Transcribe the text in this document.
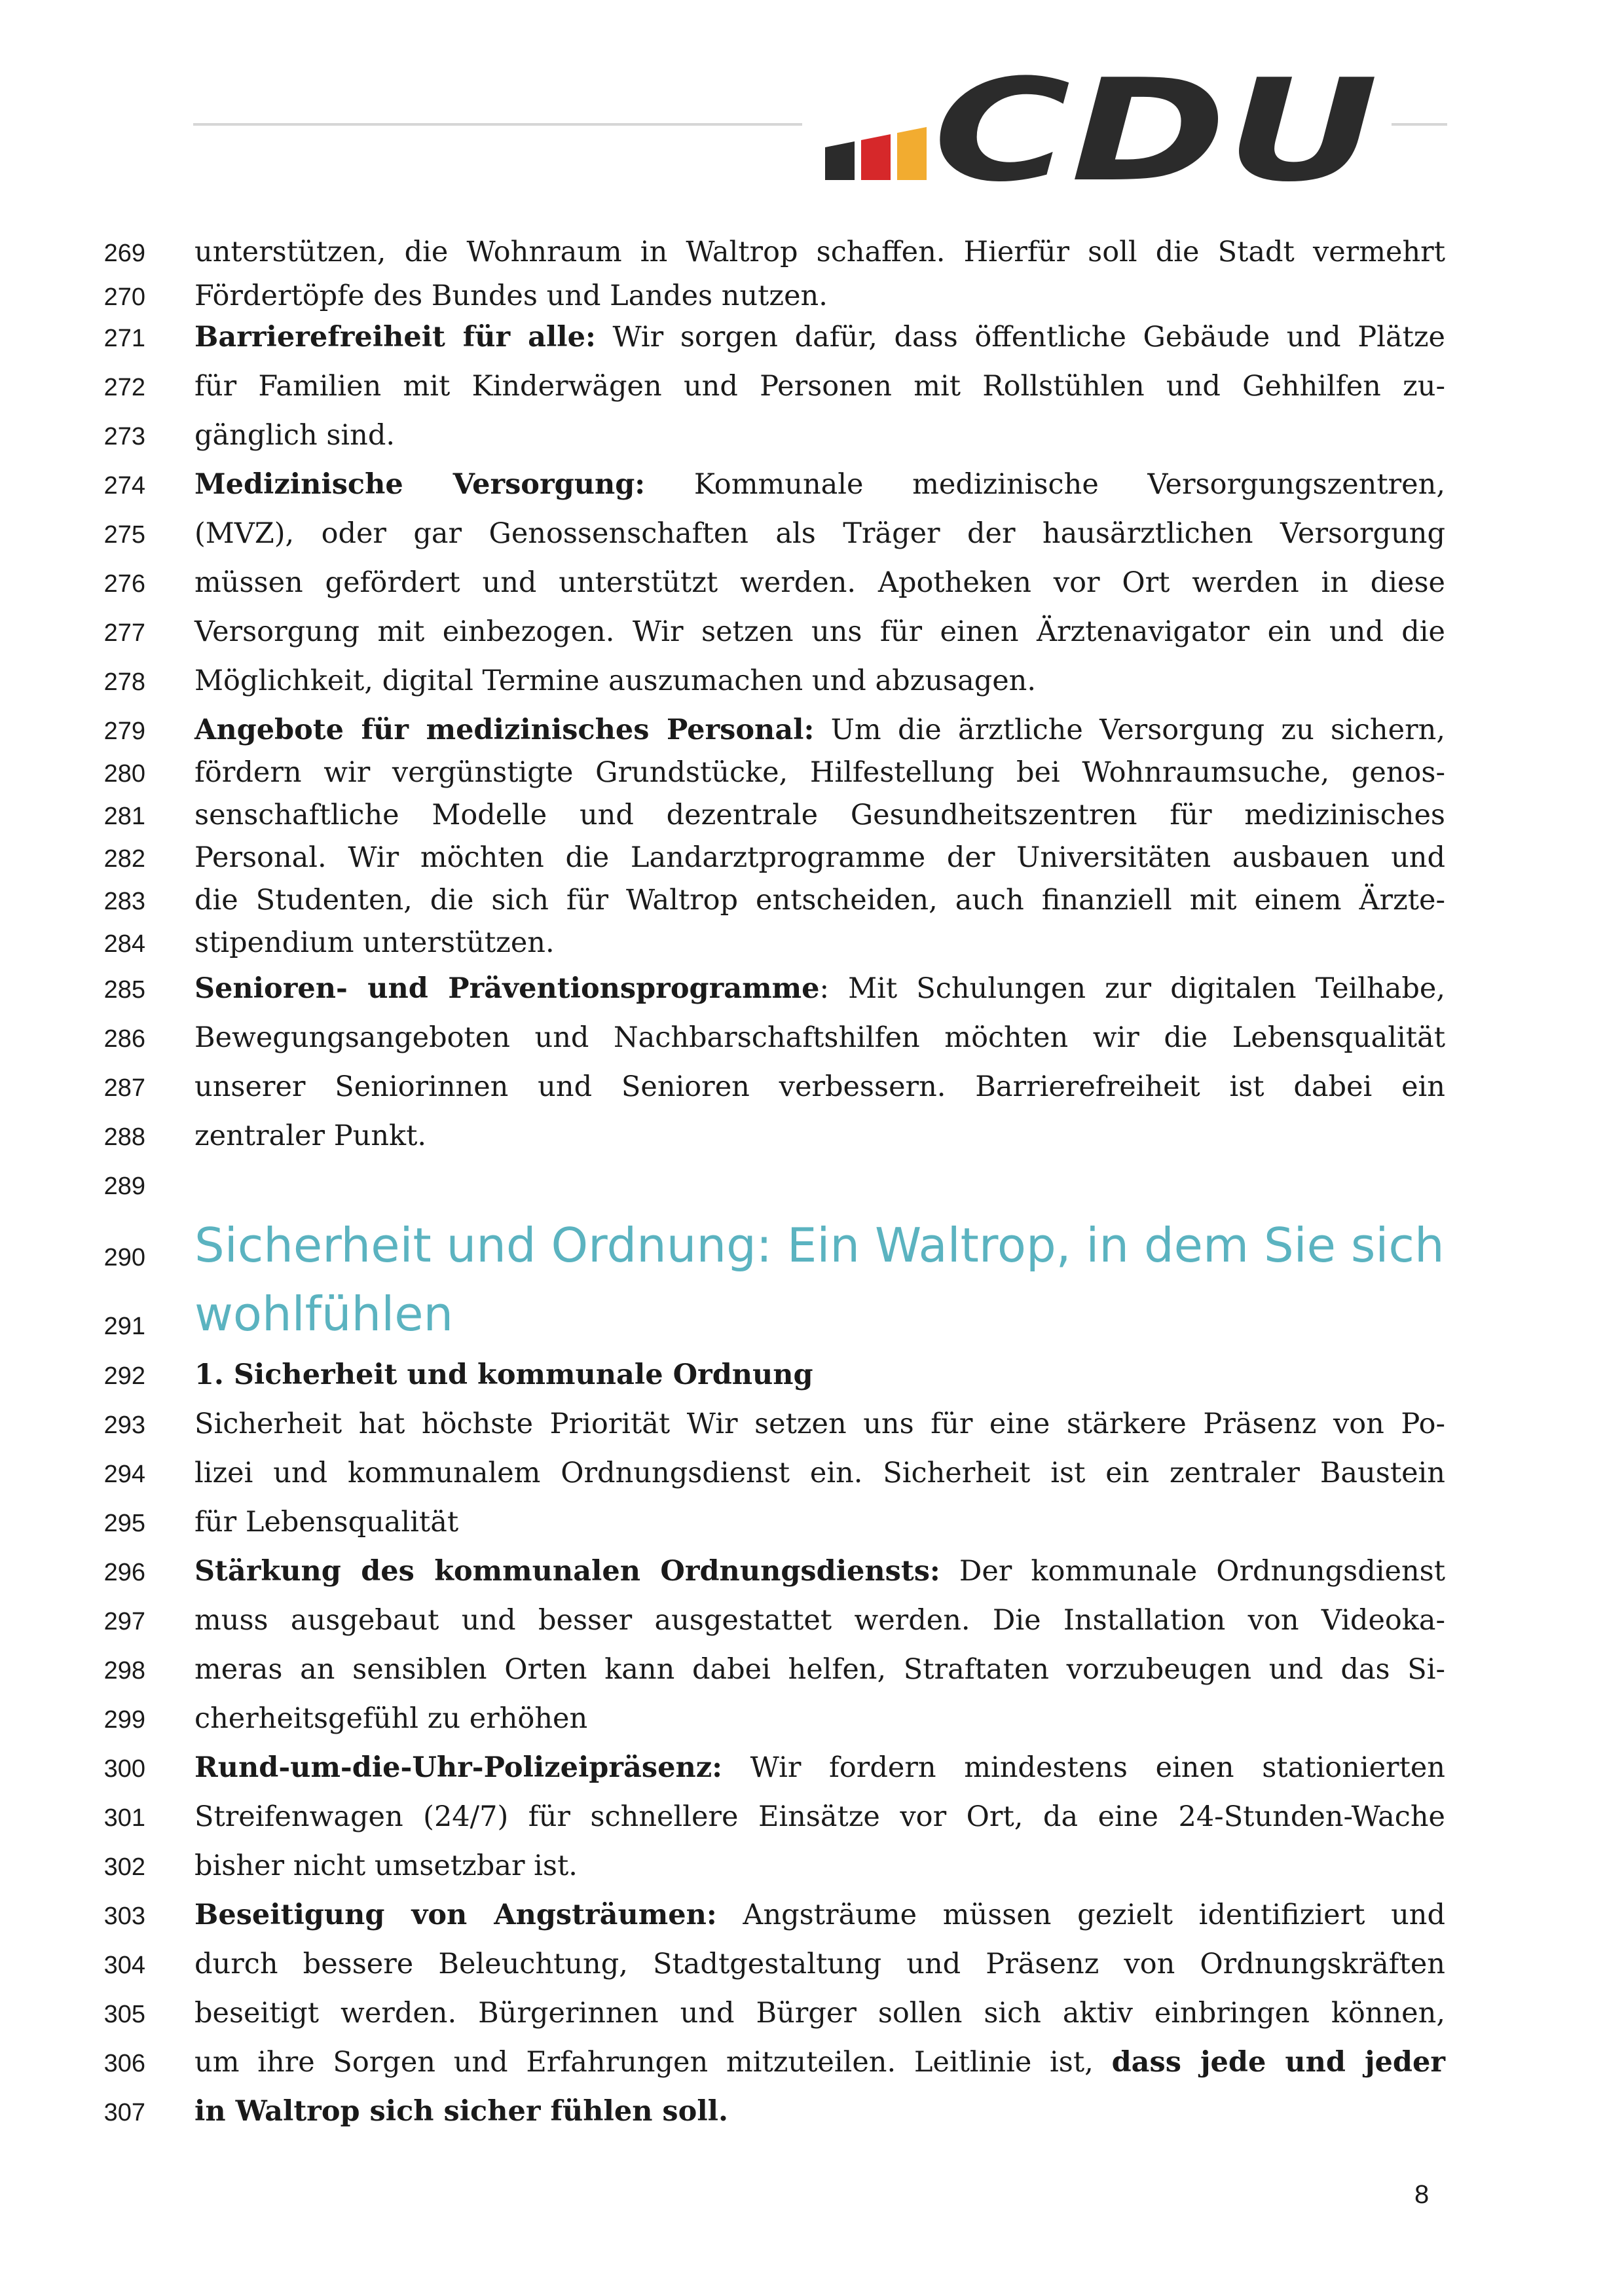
CDU
269 unterstützen, die Wohnraum in Waltrop schaffen. Hierfür soll die Stadt vermehrt
270 Fördertöpfe des Bundes und Landes nutzen.
271 Barrierefreiheit für alle: Wir sorgen dafür, dass öffentliche Gebäude und Plätze
272 für Familien mit Kinderwägen und Personen mit Rollstühlen und Gehhilfen zu-
273 gänglich sind.
274 Medizinische Versorgung: Kommunale medizinische Versorgungszentren,
275 (MVZ), oder gar Genossenschaften als Träger der hausärztlichen Versorgung
276 müssen gefördert und unterstützt werden. Apotheken vor Ort werden in diese
277 Versorgung mit einbezogen. Wir setzen uns für einen Ärztenavigator ein und die
278 Möglichkeit, digital Termine auszumachen und abzusagen.
279 Angebote für medizinisches Personal: Um die ärztliche Versorgung zu sichern,
280 fördern wir vergünstigte Grundstücke, Hilfestellung bei Wohnraumsuche, genos-
281 senschaftliche Modelle und dezentrale Gesundheitszentren für medizinisches
282 Personal. Wir möchten die Landarztprogramme der Universitäten ausbauen und
283 die Studenten, die sich für Waltrop entscheiden, auch finanziell mit einem Ärzte-
284 stipendium unterstützen.
285 Senioren- und Präventionsprogramme: Mit Schulungen zur digitalen Teilhabe,
286 Bewegungsangeboten und Nachbarschaftshilfen möchten wir die Lebensqualität
287 unserer Seniorinnen und Senioren verbessern. Barrierefreiheit ist dabei ein
288 zentraler Punkt.
289
290 Sicherheit und Ordnung: Ein Waltrop, in dem Sie sich
291 wohlfühlen
292 1. Sicherheit und kommunale Ordnung
293 Sicherheit hat höchste Priorität Wir setzen uns für eine stärkere Präsenz von Po-
294 lizei und kommunalem Ordnungsdienst ein. Sicherheit ist ein zentraler Baustein
295 für Lebensqualität
296 Stärkung des kommunalen Ordnungsdiensts: Der kommunale Ordnungsdienst
297 muss ausgebaut und besser ausgestattet werden. Die Installation von Videoka-
298 meras an sensiblen Orten kann dabei helfen, Straftaten vorzubeugen und das Si-
299 cherheitsgefühl zu erhöhen
300 Rund-um-die-Uhr-Polizeipräsenz: Wir fordern mindestens einen stationierten
301 Streifenwagen (24/7) für schnellere Einsätze vor Ort, da eine 24-Stunden-Wache
302 bisher nicht umsetzbar ist.
303 Beseitigung von Angsträumen: Angsträume müssen gezielt identifiziert und
304 durch bessere Beleuchtung, Stadtgestaltung und Präsenz von Ordnungskräften
305 beseitigt werden. Bürgerinnen und Bürger sollen sich aktiv einbringen können,
306 um ihre Sorgen und Erfahrungen mitzuteilen. Leitlinie ist, dass jede und jeder
307 in Waltrop sich sicher fühlen soll.
8
